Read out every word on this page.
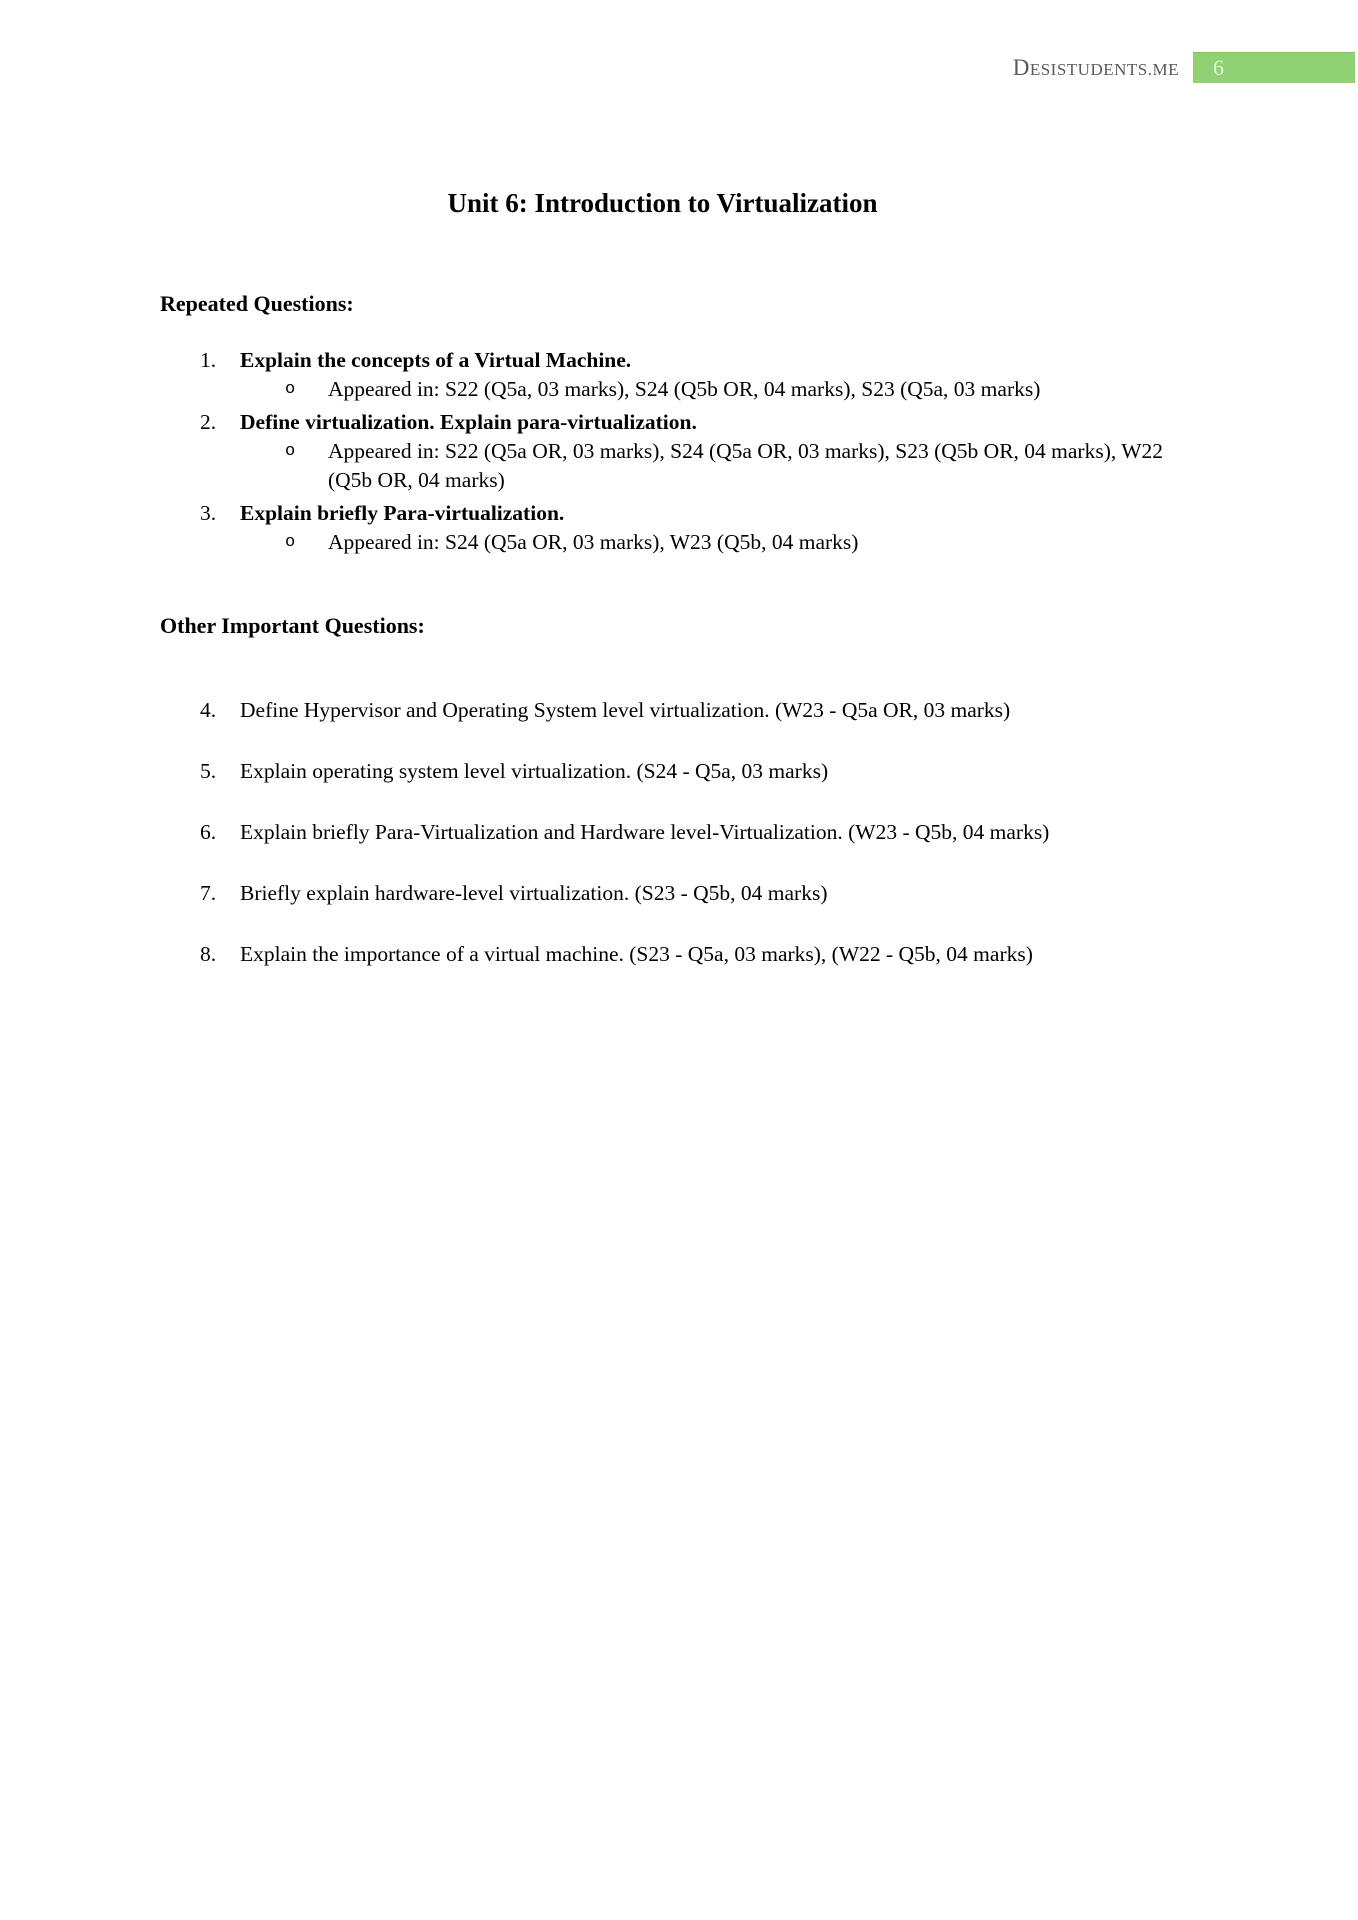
DESISTUDENTS.ME	6
Unit 6: Introduction to Virtualization
Repeated Questions:
1.	Explain the concepts of a Virtual Machine.
o	Appeared in: S22 (Q5a, 03 marks), S24 (Q5b OR, 04 marks), S23 (Q5a, 03 marks)
2.	Define virtualization. Explain para-virtualization.
o	Appeared in: S22 (Q5a OR, 03 marks), S24 (Q5a OR, 03 marks), S23 (Q5b OR, 04 marks), W22 (Q5b OR, 04 marks)
3.	Explain briefly Para-virtualization.
o	Appeared in: S24 (Q5a OR, 03 marks), W23 (Q5b, 04 marks)
Other Important Questions:
4.	Define Hypervisor and Operating System level virtualization. (W23 - Q5a OR, 03 marks)
5.	Explain operating system level virtualization. (S24 - Q5a, 03 marks)
6.	Explain briefly Para-Virtualization and Hardware level-Virtualization. (W23 - Q5b, 04 marks)
7.	Briefly explain hardware-level virtualization. (S23 - Q5b, 04 marks)
8.	Explain the importance of a virtual machine. (S23 - Q5a, 03 marks), (W22 - Q5b, 04 marks)
